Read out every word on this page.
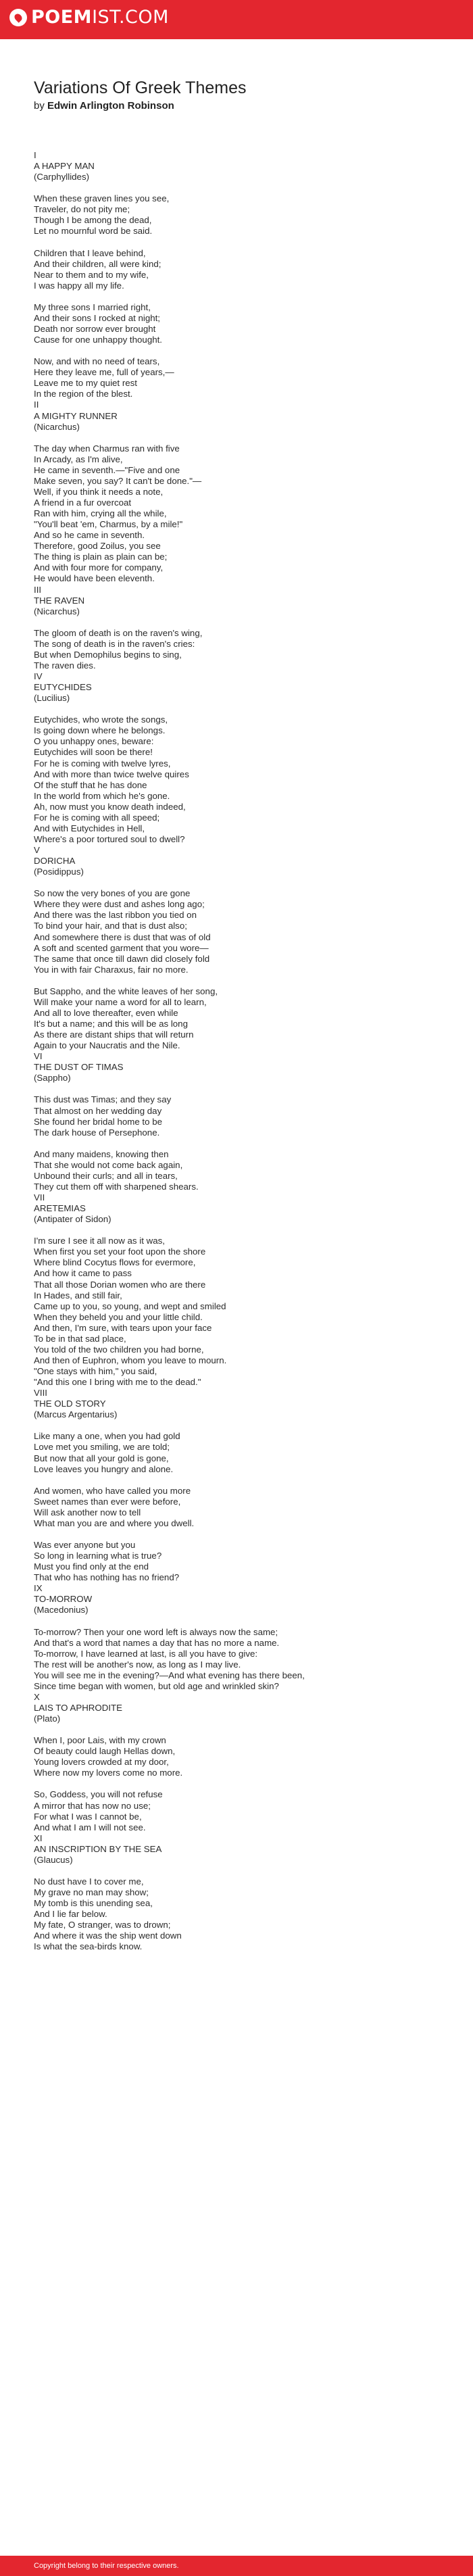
POEMIST.COM
Variations Of Greek Themes
by Edwin Arlington Robinson
I
A HAPPY MAN
(Carphyllides)

When these graven lines you see,
Traveler, do not pity me;
Though I be among the dead,
Let no mournful word be said.

Children that I leave behind,
And their children, all were kind;
Near to them and to my wife,
I was happy all my life.

My three sons I married right,
And their sons I rocked at night;
Death nor sorrow ever brought
Cause for one unhappy thought.

Now, and with no need of tears,
Here they leave me, full of years,—
Leave me to my quiet rest
In the region of the blest.
II
A MIGHTY RUNNER
(Nicarchus)

The day when Charmus ran with five
In Arcady, as I'm alive,
He came in seventh.—"Five and one
Make seven, you say? It can't be done."—
Well, if you think it needs a note,
A friend in a fur overcoat
Ran with him, crying all the while,
"You'll beat 'em, Charmus, by a mile!"
And so he came in seventh.
Therefore, good Zoilus, you see
The thing is plain as plain can be;
And with four more for company,
He would have been eleventh.
III
THE RAVEN
(Nicarchus)

The gloom of death is on the raven's wing,
The song of death is in the raven's cries:
But when Demophilus begins to sing,
The raven dies.
IV
EUTYCHIDES
(Lucilius)

Eutychides, who wrote the songs,
Is going down where he belongs.
O you unhappy ones, beware:
Eutychides will soon be there!
For he is coming with twelve lyres,
And with more than twice twelve quires
Of the stuff that he has done
In the world from which he's gone.
Ah, now must you know death indeed,
For he is coming with all speed;
And with Eutychides in Hell,
Where's a poor tortured soul to dwell?
V
DORICHA
(Posidippus)

So now the very bones of you are gone
Where they were dust and ashes long ago;
And there was the last ribbon you tied on
To bind your hair, and that is dust also;
And somewhere there is dust that was of old
A soft and scented garment that you wore—
The same that once till dawn did closely fold
You in with fair Charaxus, fair no more.

But Sappho, and the white leaves of her song,
Will make your name a word for all to learn,
And all to love thereafter, even while
It's but a name; and this will be as long
As there are distant ships that will return
Again to your Naucratis and the Nile.
VI
THE DUST OF TIMAS
(Sappho)

This dust was Timas; and they say
That almost on her wedding day
She found her bridal home to be
The dark house of Persephone.

And many maidens, knowing then
That she would not come back again,
Unbound their curls; and all in tears,
They cut them off with sharpened shears.
VII
ARETEMIAS
(Antipater of Sidon)

I'm sure I see it all now as it was,
When first you set your foot upon the shore
Where blind Cocytus flows for evermore,
And how it came to pass
That all those Dorian women who are there
In Hades, and still fair,
Came up to you, so young, and wept and smiled
When they beheld you and your little child.
And then, I'm sure, with tears upon your face
To be in that sad place,
You told of the two children you had borne,
And then of Euphron, whom you leave to mourn.
"One stays with him," you said,
"And this one I bring with me to the dead."
VIII
THE OLD STORY
(Marcus Argentarius)

Like many a one, when you had gold
Love met you smiling, we are told;
But now that all your gold is gone,
Love leaves you hungry and alone.

And women, who have called you more
Sweet names than ever were before,
Will ask another now to tell
What man you are and where you dwell.

Was ever anyone but you
So long in learning what is true?
Must you find only at the end
That who has nothing has no friend?
IX
TO-MORROW
(Macedonius)

To-morrow? Then your one word left is always now the same;
And that's a word that names a day that has no more a name.
To-morrow, I have learned at last, is all you have to give:
The rest will be another's now, as long as I may live.
You will see me in the evening?—And what evening has there been,
Since time began with women, but old age and wrinkled skin?
X
LAIS TO APHRODITE
(Plato)

When I, poor Lais, with my crown
Of beauty could laugh Hellas down,
Young lovers crowded at my door,
Where now my lovers come no more.

So, Goddess, you will not refuse
A mirror that has now no use;
For what I was I cannot be,
And what I am I will not see.
XI
AN INSCRIPTION BY THE SEA
(Glaucus)

No dust have I to cover me,
My grave no man may show;
My tomb is this unending sea,
And I lie far below.
My fate, O stranger, was to drown;
And where it was the ship went down
Is what the sea-birds know.
Copyright belong to their respective owners.
